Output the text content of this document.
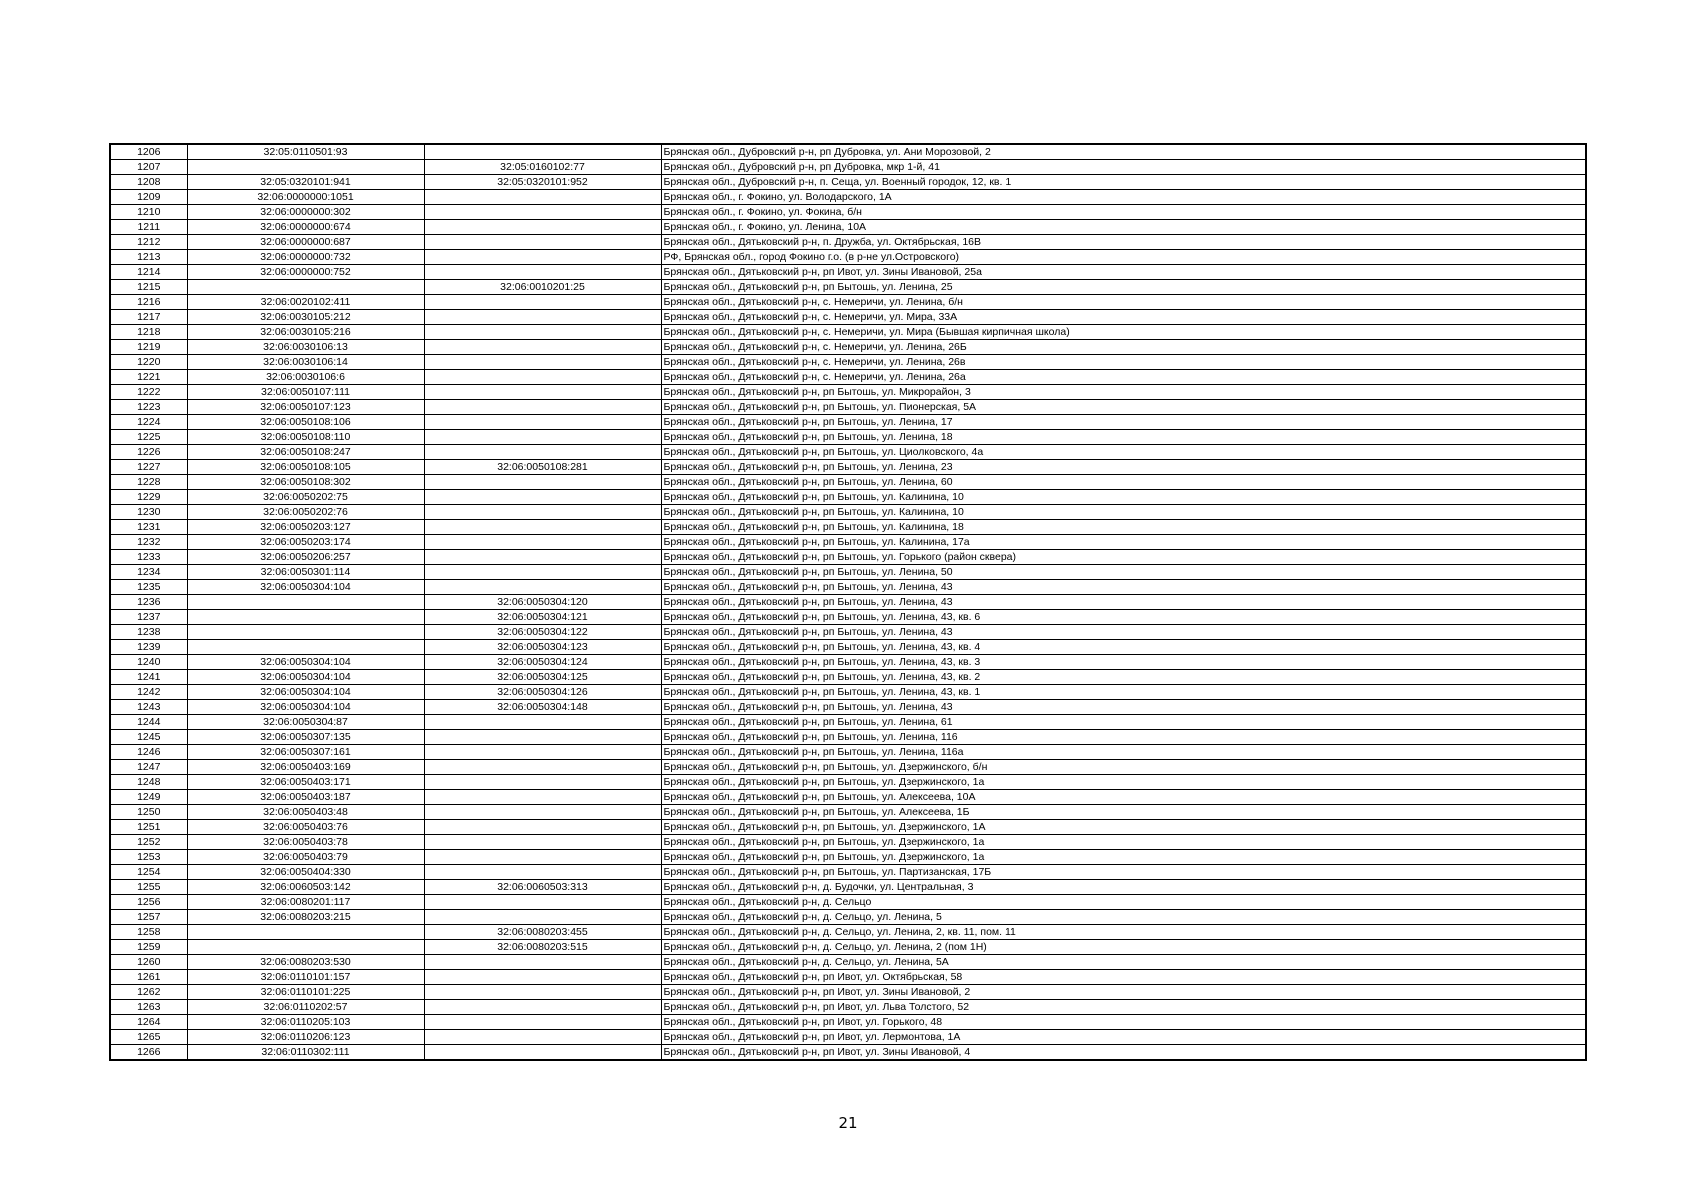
1206	32:05:0110501:93		Брянская обл., Дубровский р-н, рп Дубровка, ул. Ани Морозовой, 2
1207		32:05:0160102:77	Брянская обл., Дубровский р-н, рп Дубровка, мкр 1-й, 41
1208	32:05:0320101:941	32:05:0320101:952	Брянская обл., Дубровский р-н, п. Сеща, ул. Военный городок, 12, кв. 1
1209	32:06:0000000:1051		Брянская обл., г. Фокино, ул. Володарского, 1А
1210	32:06:0000000:302		Брянская обл., г. Фокино, ул. Фокина, б/н
1211	32:06:0000000:674		Брянская обл., г. Фокино, ул. Ленина, 10А
1212	32:06:0000000:687		Брянская обл., Дятьковский р-н, п. Дружба, ул. Октябрьская, 16В
1213	32:06:0000000:732		РФ, Брянская обл., город Фокино г.о. (в р-не ул.Островского)
1214	32:06:0000000:752		Брянская обл., Дятьковский р-н, рп Ивот, ул. Зины Ивановой, 25а
1215		32:06:0010201:25	Брянская обл., Дятьковский р-н, рп Бытошь, ул. Ленина, 25
1216	32:06:0020102:411		Брянская обл., Дятьковский р-н, с. Немеричи, ул. Ленина, б/н
1217	32:06:0030105:212		Брянская обл., Дятьковский р-н, с. Немеричи, ул. Мира, 33А
1218	32:06:0030105:216		Брянская обл., Дятьковский р-н, с. Немеричи, ул. Мира (Бывшая кирпичная школа)
1219	32:06:0030106:13		Брянская обл., Дятьковский р-н, с. Немеричи, ул. Ленина, 26Б
1220	32:06:0030106:14		Брянская обл., Дятьковский р-н, с. Немеричи, ул. Ленина, 26в
1221	32:06:0030106:6		Брянская обл., Дятьковский р-н, с. Немеричи, ул. Ленина, 26а
1222	32:06:0050107:111		Брянская обл., Дятьковский р-н, рп Бытошь, ул. Микрорайон, 3
1223	32:06:0050107:123		Брянская обл., Дятьковский р-н, рп Бытошь, ул. Пионерская, 5А
1224	32:06:0050108:106		Брянская обл., Дятьковский р-н, рп Бытошь, ул. Ленина, 17
1225	32:06:0050108:110		Брянская обл., Дятьковский р-н, рп Бытошь, ул. Ленина, 18
1226	32:06:0050108:247		Брянская обл., Дятьковский р-н, рп Бытошь, ул. Циолковского, 4а
1227	32:06:0050108:105	32:06:0050108:281	Брянская обл., Дятьковский р-н, рп Бытошь, ул. Ленина, 23
1228	32:06:0050108:302		Брянская обл., Дятьковский р-н, рп Бытошь, ул. Ленина, 60
1229	32:06:0050202:75		Брянская обл., Дятьковский р-н, рп Бытошь, ул. Калинина, 10
1230	32:06:0050202:76		Брянская обл., Дятьковский р-н, рп Бытошь, ул. Калинина, 10
1231	32:06:0050203:127		Брянская обл., Дятьковский р-н, рп Бытошь, ул. Калинина, 18
1232	32:06:0050203:174		Брянская обл., Дятьковский р-н, рп Бытошь, ул. Калинина, 17а
1233	32:06:0050206:257		Брянская обл., Дятьковский р-н, рп Бытошь, ул. Горького (район сквера)
1234	32:06:0050301:114		Брянская обл., Дятьковский р-н, рп Бытошь, ул. Ленина, 50
1235	32:06:0050304:104		Брянская обл., Дятьковский р-н, рп Бытошь, ул. Ленина, 43
1236		32:06:0050304:120	Брянская обл., Дятьковский р-н, рп Бытошь, ул. Ленина, 43
1237		32:06:0050304:121	Брянская обл., Дятьковский р-н, рп Бытошь, ул. Ленина, 43, кв. 6
1238		32:06:0050304:122	Брянская обл., Дятьковский р-н, рп Бытошь, ул. Ленина, 43
1239		32:06:0050304:123	Брянская обл., Дятьковский р-н, рп Бытошь, ул. Ленина, 43, кв. 4
1240	32:06:0050304:104	32:06:0050304:124	Брянская обл., Дятьковский р-н, рп Бытошь, ул. Ленина, 43, кв. 3
1241	32:06:0050304:104	32:06:0050304:125	Брянская обл., Дятьковский р-н, рп Бытошь, ул. Ленина, 43, кв. 2
1242	32:06:0050304:104	32:06:0050304:126	Брянская обл., Дятьковский р-н, рп Бытошь, ул. Ленина, 43, кв. 1
1243	32:06:0050304:104	32:06:0050304:148	Брянская обл., Дятьковский р-н, рп Бытошь, ул. Ленина, 43
1244	32:06:0050304:87		Брянская обл., Дятьковский р-н, рп Бытошь, ул. Ленина, 61
1245	32:06:0050307:135		Брянская обл., Дятьковский р-н, рп Бытошь, ул. Ленина, 116
1246	32:06:0050307:161		Брянская обл., Дятьковский р-н, рп Бытошь, ул. Ленина, 116а
1247	32:06:0050403:169		Брянская обл., Дятьковский р-н, рп Бытошь, ул. Дзержинского, б/н
1248	32:06:0050403:171		Брянская обл., Дятьковский р-н, рп Бытошь, ул. Дзержинского, 1а
1249	32:06:0050403:187		Брянская обл., Дятьковский р-н, рп Бытошь, ул. Алексеева, 10А
1250	32:06:0050403:48		Брянская обл., Дятьковский р-н, рп Бытошь, ул. Алексеева, 1Б
1251	32:06:0050403:76		Брянская обл., Дятьковский р-н, рп Бытошь, ул. Дзержинского, 1А
1252	32:06:0050403:78		Брянская обл., Дятьковский р-н, рп Бытошь, ул. Дзержинского, 1а
1253	32:06:0050403:79		Брянская обл., Дятьковский р-н, рп Бытошь, ул. Дзержинского, 1а
1254	32:06:0050404:330		Брянская обл., Дятьковский р-н, рп Бытошь, ул. Партизанская, 17Б
1255	32:06:0060503:142	32:06:0060503:313	Брянская обл., Дятьковский р-н, д. Будочки, ул. Центральная, 3
1256	32:06:0080201:117		Брянская обл., Дятьковский р-н, д. Сельцо
1257	32:06:0080203:215		Брянская обл., Дятьковский р-н, д. Сельцо, ул. Ленина, 5
1258		32:06:0080203:455	Брянская обл., Дятьковский р-н, д. Сельцо, ул. Ленина, 2, кв. 11, пом. 11
1259		32:06:0080203:515	Брянская обл., Дятьковский р-н, д. Сельцо, ул. Ленина, 2 (пом 1Н)
1260	32:06:0080203:530		Брянская обл., Дятьковский р-н, д. Сельцо, ул. Ленина, 5А
1261	32:06:0110101:157		Брянская обл., Дятьковский р-н, рп Ивот, ул. Октябрьская, 58
1262	32:06:0110101:225		Брянская обл., Дятьковский р-н, рп Ивот, ул. Зины Ивановой, 2
1263	32:06:0110202:57		Брянская обл., Дятьковский р-н, рп Ивот, ул. Льва Толстого, 52
1264	32:06:0110205:103		Брянская обл., Дятьковский р-н, рп Ивот, ул. Горького, 48
1265	32:06:0110206:123		Брянская обл., Дятьковский р-н, рп Ивот, ул. Лермонтова, 1А
1266	32:06:0110302:111		Брянская обл., Дятьковский р-н, рп Ивот, ул. Зины Ивановой, 4
21
